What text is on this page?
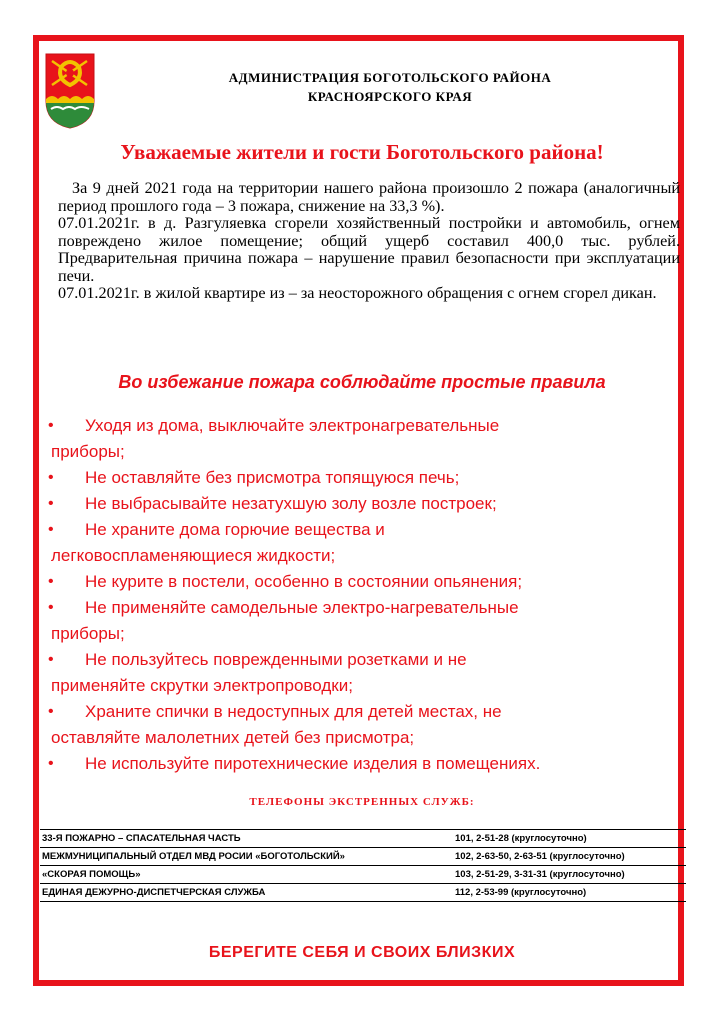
АДМИНИСТРАЦИЯ БОГОТОЛЬСКОГО РАЙОНА
КРАСНОЯРСКОГО КРАЯ
Уважаемые жители и гости Боготольского района!

За 9 дней 2021 года на территории нашего района произошло 2 пожара (аналогичный период прошлого года – 3 пожара, снижение на 33,3 %).

07.01.2021г. в д. Разгуляевка сгорели хозяйственный постройки и автомобиль, огнем повреждено жилое помещение; общий ущерб составил 400,0 тыс. рублей. Предварительная причина пожара – нарушение правил безопасности при эксплуатации печи.

07.01.2021г. в жилой квартире из – за неосторожного обращения с огнем сгорел дикан.

Во избежание пожара соблюдайте простые правила
• Уходя из дома, выключайте электронагревательные
приборы;
• Не оставляйте без присмотра топящуюся печь;
• Не выбрасывайте незатухшую золу возле построек;
• Не храните дома горючие вещества и
легковоспламеняющиеся жидкости;
• Не курите в постели, особенно в состоянии опьянения;
• Не применяйте самодельные электро-нагревательные
приборы;
• Не пользуйтесь поврежденными розетками и не
применяйте скрутки электропроводки;
• Храните спички в недоступных для детей местах, не
оставляйте малолетних детей без присмотра;
• Не используйте пиротехнические изделия в помещениях.
ТЕЛЕФОНЫ ЭКСТРЕННЫХ СЛУЖБ:
33-Я ПОЖАРНО – СПАСАТЕЛЬНАЯ ЧАСТЬ	101, 2-51-28 (круглосуточно)
МЕЖМУНИЦИПАЛЬНЫЙ ОТДЕЛ МВД РОСИИ «БОГОТОЛЬСКИЙ»	102, 2-63-50, 2-63-51 (круглосуточно)
«СКОРАЯ ПОМОЩЬ»	103, 2-51-29, 3-31-31 (круглосуточно)
ЕДИНАЯ ДЕЖУРНО-ДИСПЕТЧЕРСКАЯ СЛУЖБА	112, 2-53-99 (круглосуточно)
БЕРЕГИТЕ СЕБЯ И СВОИХ БЛИЗКИХ
